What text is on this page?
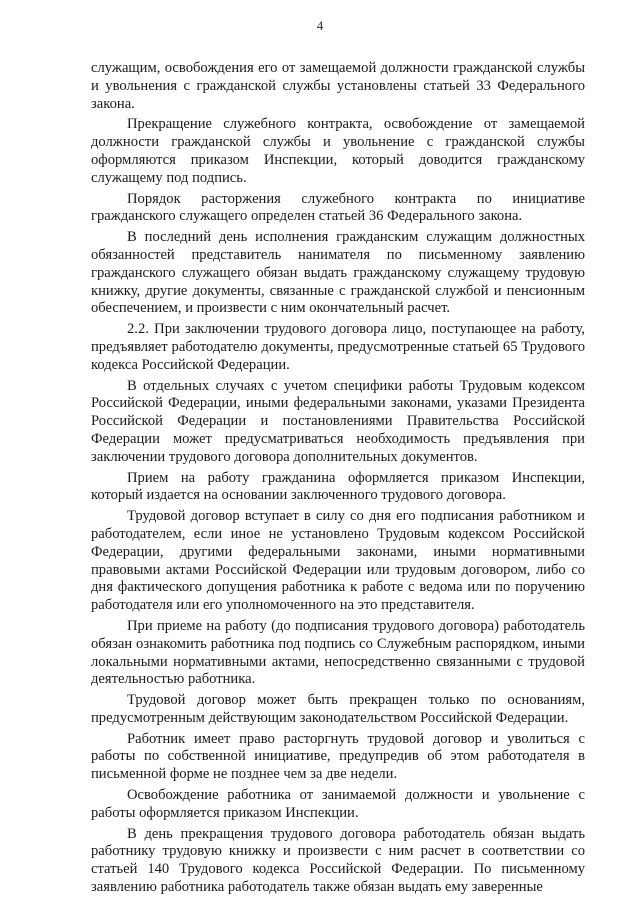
4

служащим, освобождения его от замещаемой должности гражданской службы и увольнения с гражданской службы установлены статьей 33 Федерального закона.

Прекращение служебного контракта, освобождение от замещаемой должности гражданской службы и увольнение с гражданской службы оформляются приказом Инспекции, который доводится гражданскому служащему под подпись.

Порядок расторжения служебного контракта по инициативе гражданского служащего определен статьей 36 Федерального закона.

В последний день исполнения гражданским служащим должностных обязанностей представитель нанимателя по письменному заявлению гражданского служащего обязан выдать гражданскому служащему трудовую книжку, другие документы, связанные с гражданской службой и пенсионным обеспечением, и произвести с ним окончательный расчет.

2.2. При заключении трудового договора лицо, поступающее на работу, предъявляет работодателю документы, предусмотренные статьей 65 Трудового кодекса Российской Федерации.

В отдельных случаях с учетом специфики работы Трудовым кодексом Российской Федерации, иными федеральными законами, указами Президента Российской Федерации и постановлениями Правительства Российской Федерации может предусматриваться необходимость предъявления при заключении трудового договора дополнительных документов.

Прием на работу гражданина оформляется приказом Инспекции, который издается на основании заключенного трудового договора.

Трудовой договор вступает в силу со дня его подписания работником и работодателем, если иное не установлено Трудовым кодексом Российской Федерации, другими федеральными законами, иными нормативными правовыми актами Российской Федерации или трудовым договором, либо со дня фактического допущения работника к работе с ведома или по поручению работодателя или его уполномоченного на это представителя.

При приеме на работу (до подписания трудового договора) работодатель обязан ознакомить работника под подпись со Служебным распорядком, иными локальными нормативными актами, непосредственно связанными с трудовой деятельностью работника.

Трудовой договор может быть прекращен только по основаниям, предусмотренным действующим законодательством Российской Федерации.

Работник имеет право расторгнуть трудовой договор и уволиться с работы по собственной инициативе, предупредив об этом работодателя в письменной форме не позднее чем за две недели.

Освобождение работника от занимаемой должности и увольнение с работы оформляется приказом Инспекции.

В день прекращения трудового договора работодатель обязан выдать работнику трудовую книжку и произвести с ним расчет в соответствии со статьей 140 Трудового кодекса Российской Федерации. По письменному заявлению работника работодатель также обязан выдать ему заверенные
